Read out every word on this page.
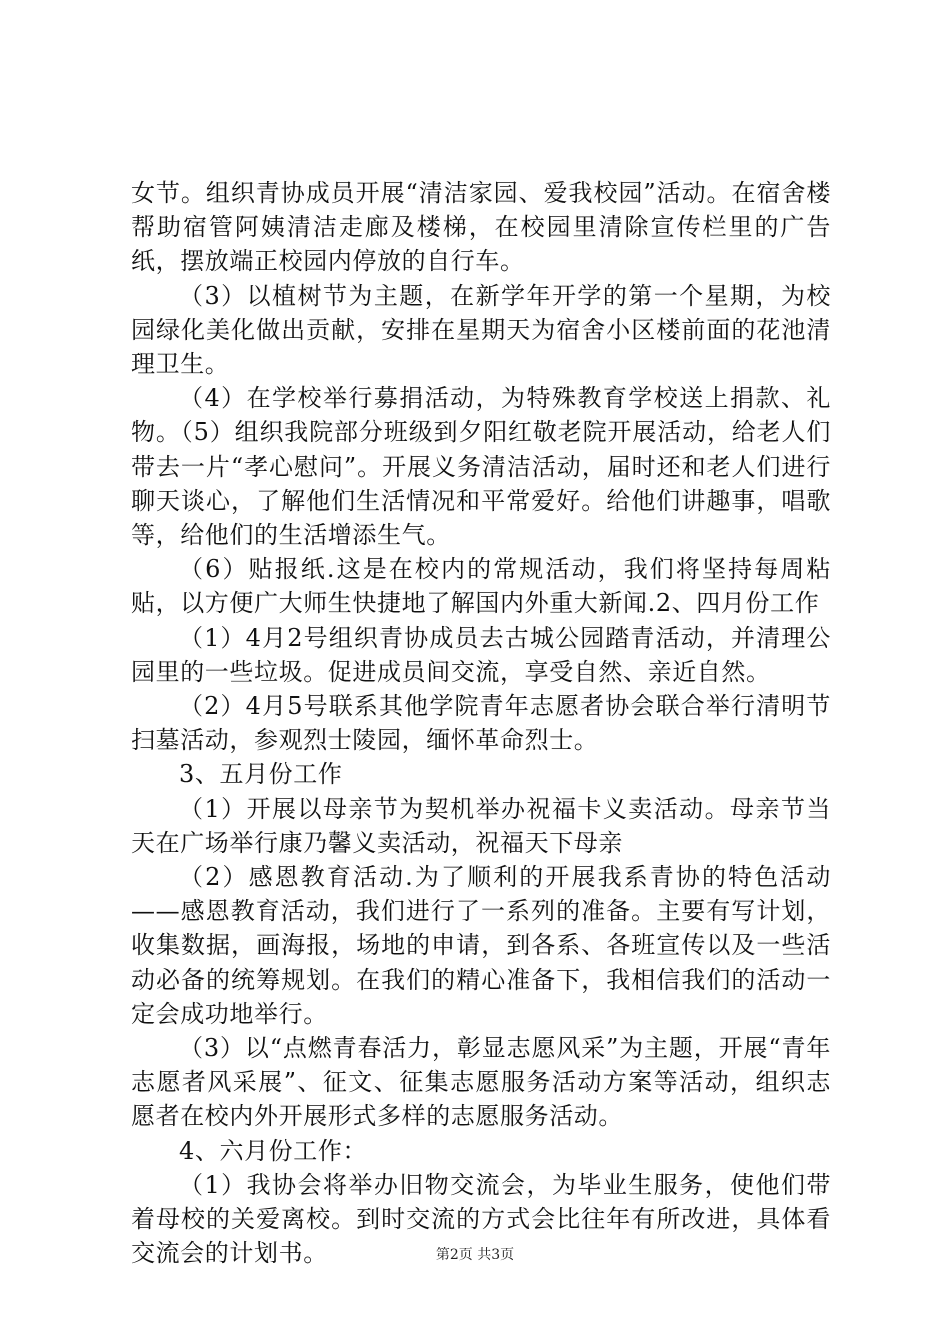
女节。组织青协成员开展“清洁家园、爱我校园”活动。在宿舍楼帮助宿管阿姨清洁走廊及楼梯，在校园里清除宣传栏里的广告纸，摆放端正校园内停放的自行车。

（3）以植树节为主题，在新学年开学的第一个星期，为校园绿化美化做出贡献，安排在星期天为宿舍小区楼前面的花池清理卫生。

（4）在学校举行募捐活动，为特殊教育学校送上捐款、礼物。（5）组织我院部分班级到夕阳红敬老院开展活动，给老人们带去一片“孝心慰问”。开展义务清洁活动，届时还和老人们进行聊天谈心，了解他们生活情况和平常爱好。给他们讲趣事，唱歌等，给他们的生活增添生气。

（6）贴报纸.这是在校内的常规活动，我们将坚持每周粘贴，以方便广大师生快捷地了解国内外重大新闻.2、四月份工作

（1）4月2号组织青协成员去古城公园踏青活动，并清理公园里的一些垃圾。促进成员间交流，享受自然、亲近自然。

（2）4月5号联系其他学院青年志愿者协会联合举行清明节扫墓活动，参观烈士陵园，缅怀革命烈士。

3、五月份工作

（1）开展以母亲节为契机举办祝福卡义卖活动。母亲节当天在广场举行康乃馨义卖活动，祝福天下母亲

（2）感恩教育活动.为了顺利的开展我系青协的特色活动——感恩教育活动，我们进行了一系列的准备。主要有写计划，收集数据，画海报，场地的申请，到各系、各班宣传以及一些活动必备的统筹规划。在我们的精心准备下，我相信我们的活动一定会成功地举行。

（3）以“点燃青春活力，彰显志愿风采”为主题，开展“青年志愿者风采展”、征文、征集志愿服务活动方案等活动，组织志愿者在校内外开展形式多样的志愿服务活动。

4、六月份工作：

（1）我协会将举办旧物交流会，为毕业生服务，使他们带着母校的关爱离校。到时交流的方式会比往年有所改进，具体看交流会的计划书。	第2页 共3页
